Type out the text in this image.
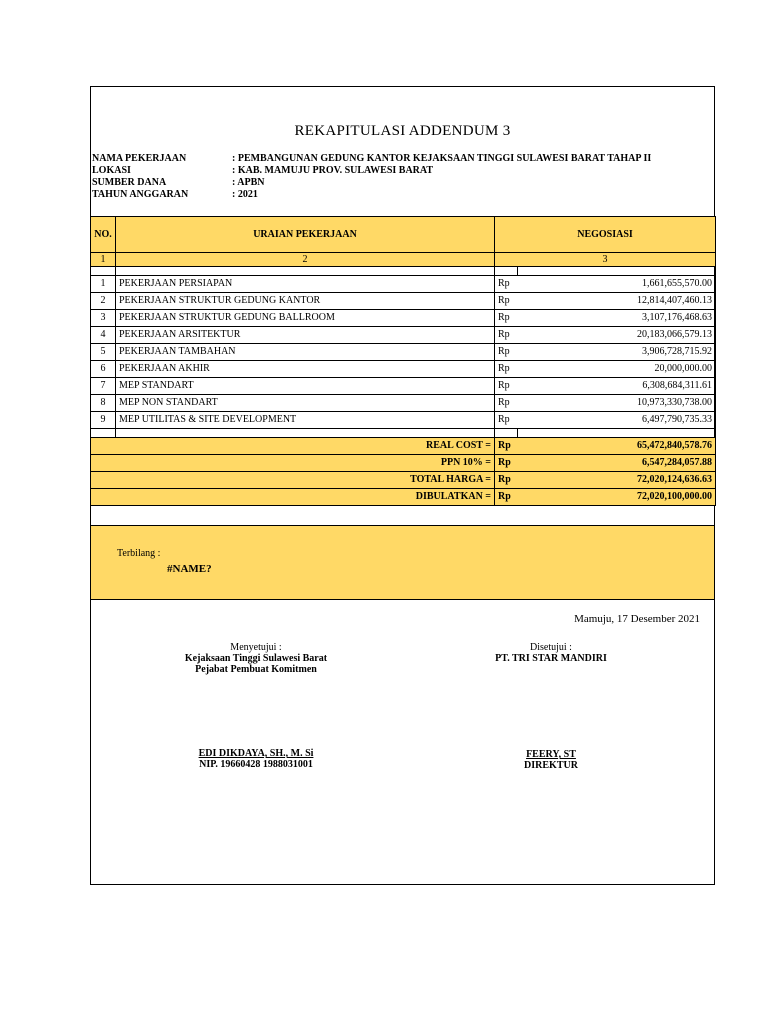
REKAPITULASI ADDENDUM 3
NAMA PEKERJAAN	: PEMBANGUNAN GEDUNG KANTOR KEJAKSAAN TINGGI SULAWESI BARAT TAHAP II
LOKASI	: KAB. MAMUJU PROV. SULAWESI BARAT
SUMBER DANA	: APBN
TAHUN ANGGARAN	: 2021
NO.	URAIAN PEKERJAAN	NEGOSIASI	
1	2	3	

1	PEKERJAAN PERSIAPAN	Rp	1,661,655,570.00
2	PEKERJAAN STRUKTUR GEDUNG KANTOR	Rp	12,814,407,460.13
3	PEKERJAAN STRUKTUR GEDUNG BALLROOM	Rp	3,107,176,468.63
4	PEKERJAAN ARSITEKTUR	Rp	20,183,066,579.13
5	PEKERJAAN TAMBAHAN	Rp	3,906,728,715.92
6	PEKERJAAN AKHIR	Rp	20,000,000.00
7	MEP STANDART	Rp	6,308,684,311.61
8	MEP NON STANDART	Rp	10,973,330,738.00
9	MEP UTILITAS & SITE DEVELOPMENT	Rp	6,497,790,735.33

REAL COST =		Rp	65,472,840,578.76
PPN 10% =		Rp	6,547,284,057.88
TOTAL HARGA =		Rp	72,020,124,636.63
DIBULATKAN =		Rp	72,020,100,000.00
Terbilang :
#NAME?
Mamuju, 17 Desember 2021
Menyetujui :
Kejaksaan Tinggi Sulawesi Barat
Pejabat Pembuat Komitmen
EDI DIKDAYA, SH., M. Si
NIP. 19660428 1988031001
Disetujui :
PT. TRI STAR MANDIRI
FEERY, ST
DIREKTUR
